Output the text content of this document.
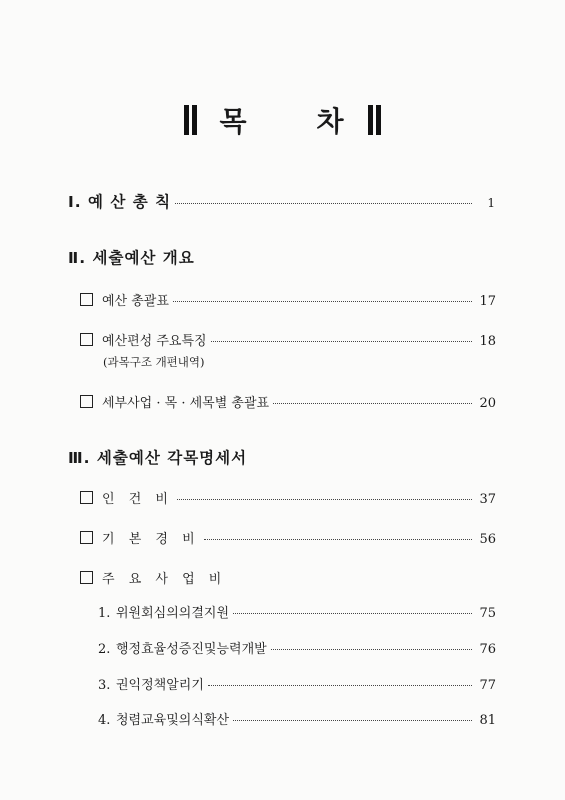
목 차
Ⅰ. 예 산 총 칙	1
Ⅱ. 세출예산 개요
예산 총괄표	17
예산편성 주요특징	18
(과목구조 개편내역)
세부사업 · 목 · 세목별 총괄표	20
Ⅲ. 세출예산 각목명세서
인 건 비	37
기 본 경 비	56
주 요 사 업 비
1. 위원회심의의결지원	75
2. 행정효율성증진및능력개발	76
3. 권익정책알리기	77
4. 청렴교육및의식확산	81
